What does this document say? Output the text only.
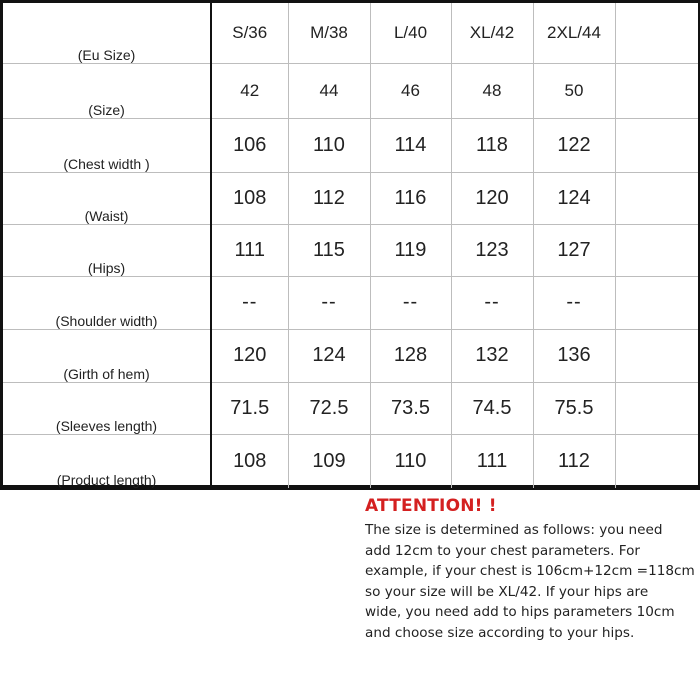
(Eu Size)	S/36	M/38	L/40	XL/42	2XL/44	
(Size)	42	44	46	48	50	
(Chest width )	106	110	114	118	122	
(Waist)	108	112	116	120	124	
(Hips)	111	115	119	123	127	
(Shoulder width)	--	--	--	--	--	
(Girth of hem)	120	124	128	132	136	
(Sleeves length)	71.5	72.5	73.5	74.5	75.5	
(Product length)	108	109	110	111	112	

ATTENTION! !

The size is determined as follows: you need
add 12cm to your chest parameters. For
example, if your chest is 106cm+12cm =118cm
so your size will be XL/42. If your hips are
wide, you need add to hips parameters 10cm
and choose size according to your hips.
